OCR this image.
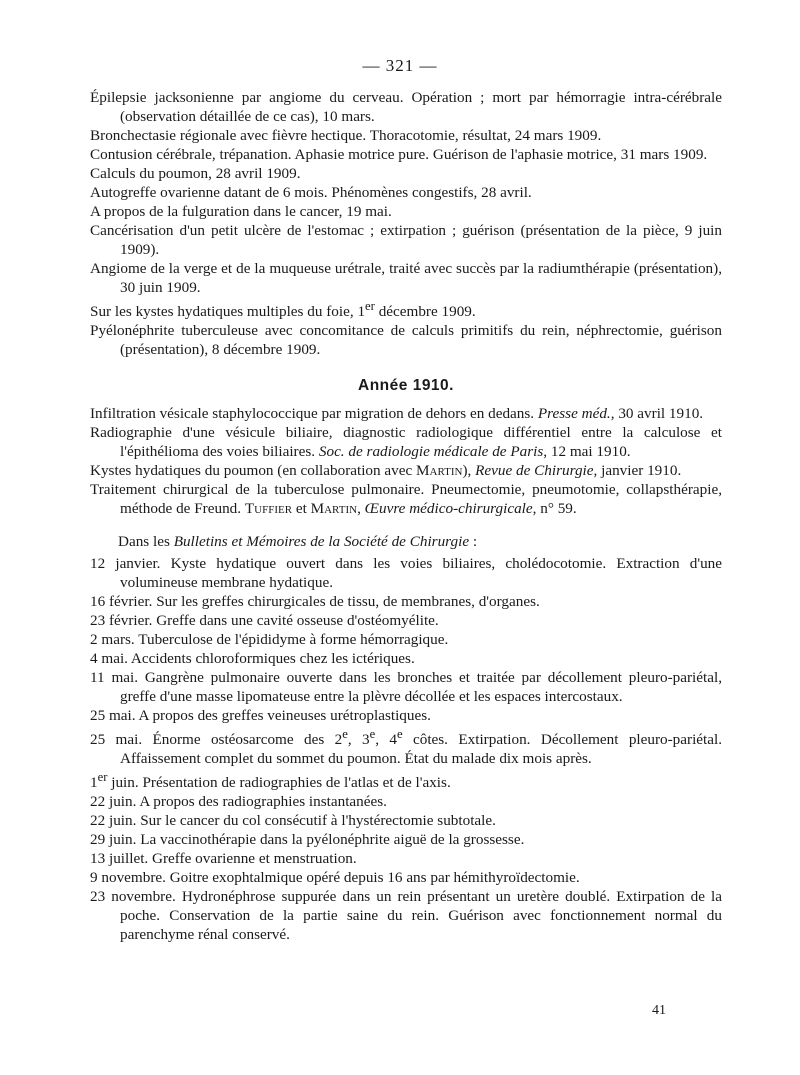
— 321 —

Épilepsie jacksonienne par angiome du cerveau. Opération ; mort par hémorragie intra-cérébrale (observation détaillée de ce cas), 10 mars.

Bronchectasie régionale avec fièvre hectique. Thoracotomie, résultat, 24 mars 1909.

Contusion cérébrale, trépanation. Aphasie motrice pure. Guérison de l'aphasie motrice, 31 mars 1909.

Calculs du poumon, 28 avril 1909.

Autogreffe ovarienne datant de 6 mois. Phénomènes congestifs, 28 avril.

A propos de la fulguration dans le cancer, 19 mai.

Cancérisation d'un petit ulcère de l'estomac ; extirpation ; guérison (présentation de la pièce, 9 juin 1909).

Angiome de la verge et de la muqueuse urétrale, traité avec succès par la radiumthérapie (présentation), 30 juin 1909.

Sur les kystes hydatiques multiples du foie, 1er décembre 1909.

Pyélonéphrite tuberculeuse avec concomitance de calculs primitifs du rein, néphrectomie, guérison (présentation), 8 décembre 1909.

Année 1910.

Infiltration vésicale staphylococcique par migration de dehors en dedans. Presse méd., 30 avril 1910.

Radiographie d'une vésicule biliaire, diagnostic radiologique différentiel entre la calculose et l'épithélioma des voies biliaires. Soc. de radiologie médicale de Paris, 12 mai 1910.

Kystes hydatiques du poumon (en collaboration avec Martin), Revue de Chirurgie, janvier 1910.

Traitement chirurgical de la tuberculose pulmonaire. Pneumectomie, pneumotomie, collapsthérapie, méthode de Freund. Tuffier et Martin, Œuvre médico-chirurgicale, n° 59.

Dans les Bulletins et Mémoires de la Société de Chirurgie :

12 janvier. Kyste hydatique ouvert dans les voies biliaires, cholédocotomie. Extraction d'une volumineuse membrane hydatique.

16 février. Sur les greffes chirurgicales de tissu, de membranes, d'organes.

23 février. Greffe dans une cavité osseuse d'ostéomyélite.

2 mars. Tuberculose de l'épididyme à forme hémorragique.

4 mai. Accidents chloroformiques chez les ictériques.

11 mai. Gangrène pulmonaire ouverte dans les bronches et traitée par décollement pleuro-pariétal, greffe d'une masse lipomateuse entre la plèvre décollée et les espaces intercostaux.

25 mai. A propos des greffes veineuses urétroplastiques.

25 mai. Énorme ostéosarcome des 2e, 3e, 4e côtes. Extirpation. Décollement pleuro-pariétal. Affaissement complet du sommet du poumon. État du malade dix mois après.

1er juin. Présentation de radiographies de l'atlas et de l'axis.

22 juin. A propos des radiographies instantanées.

22 juin. Sur le cancer du col consécutif à l'hystérectomie subtotale.

29 juin. La vaccinothérapie dans la pyélonéphrite aiguë de la grossesse.

13 juillet. Greffe ovarienne et menstruation.

9 novembre. Goitre exophtalmique opéré depuis 16 ans par hémithyroïdectomie.

23 novembre. Hydronéphrose suppurée dans un rein présentant un uretère doublé. Extirpation de la poche. Conservation de la partie saine du rein. Guérison avec fonctionnement normal du parenchyme rénal conservé.

41
